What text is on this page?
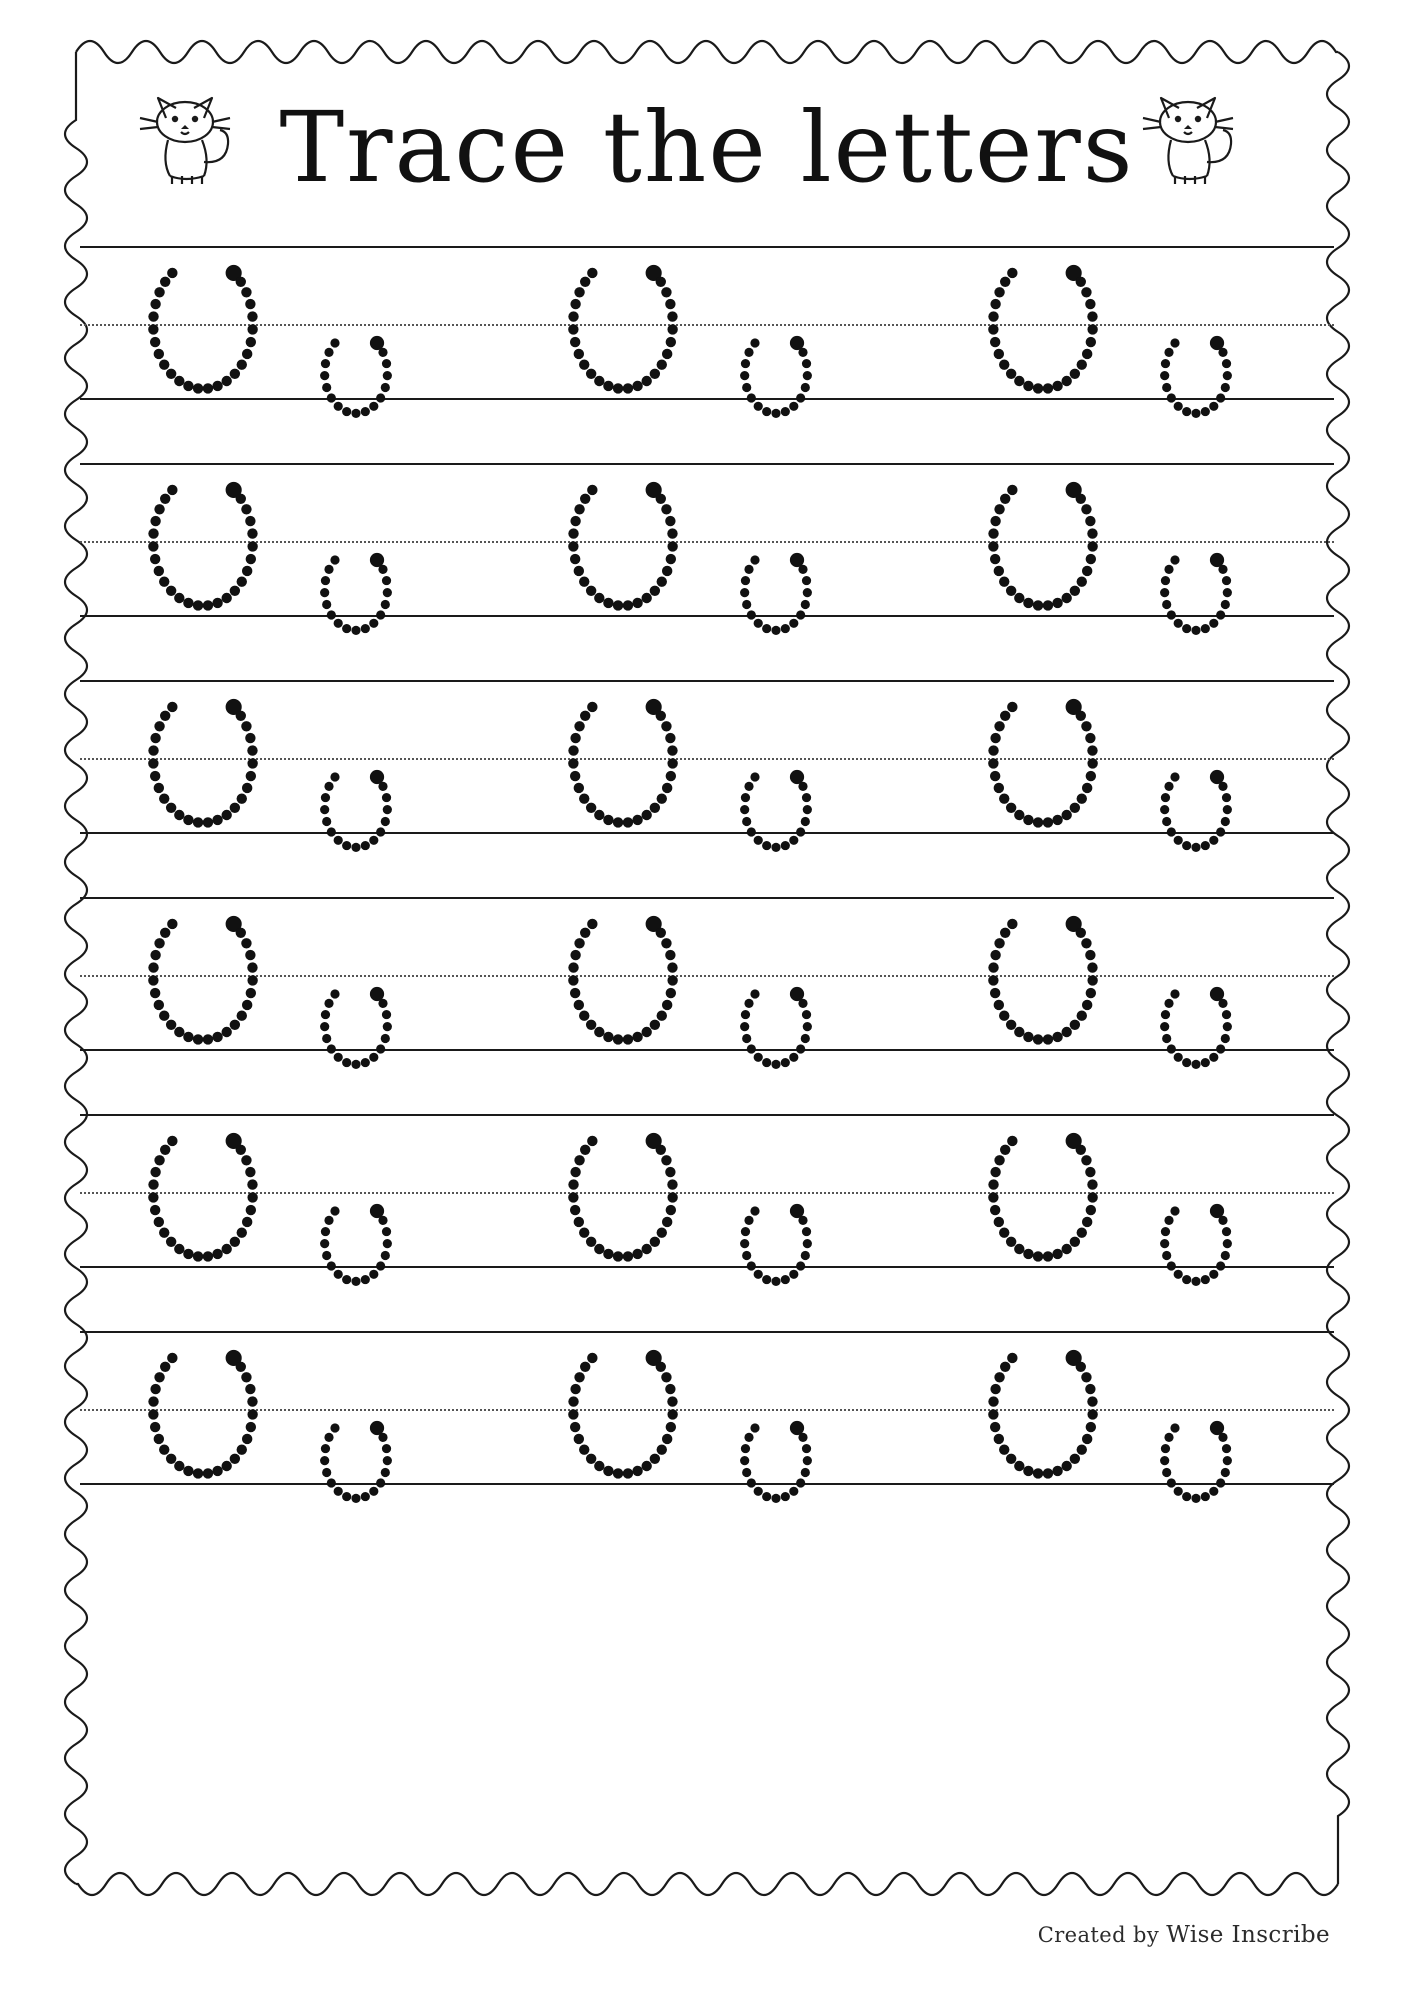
Trace the letters
Created by Wise Inscribe
